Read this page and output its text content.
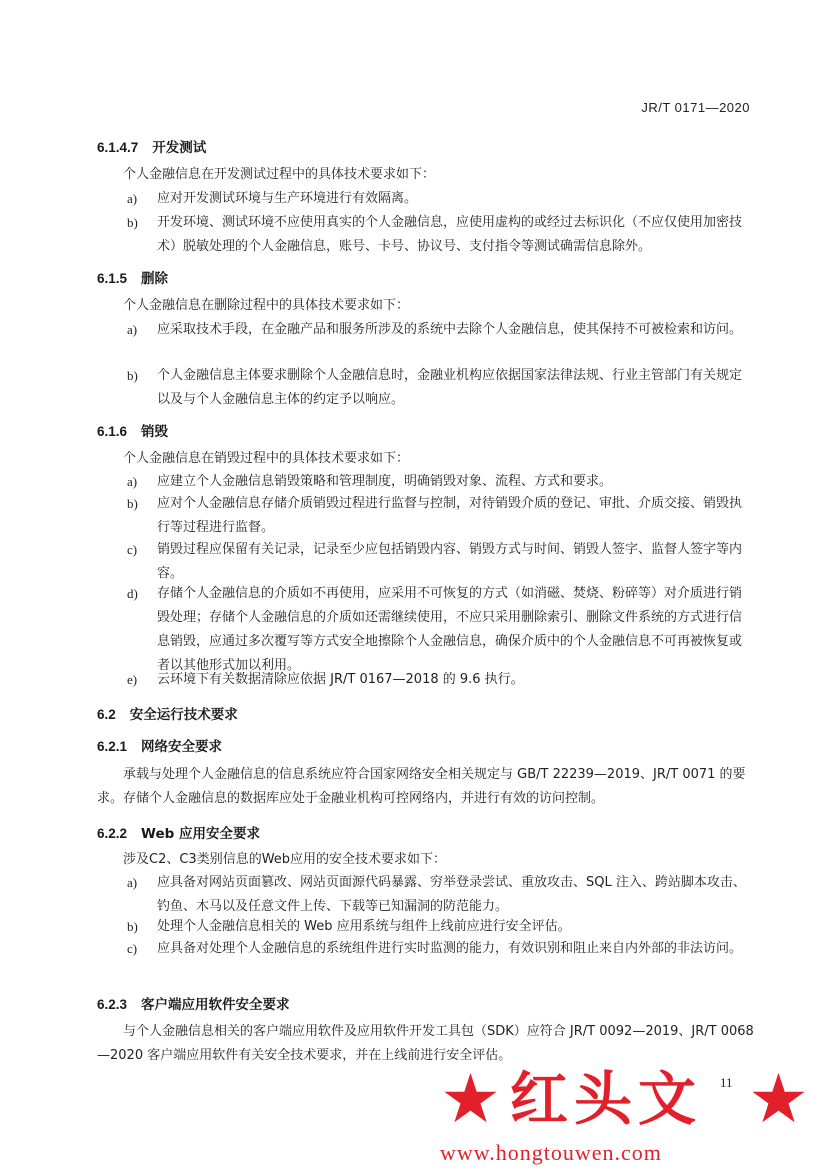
JR/T 0171—2020
6.1.4.7 开发测试
个人金融信息在开发测试过程中的具体技术要求如下：
a)	应对开发测试环境与生产环境进行有效隔离。
b)	开发环境、测试环境不应使用真实的个人金融信息，应使用虚构的或经过去标识化（不应仅使用加密技术）脱敏处理的个人金融信息，账号、卡号、协议号、支付指令等测试确需信息除外。
6.1.5 删除
个人金融信息在删除过程中的具体技术要求如下：
a)	应采取技术手段，在金融产品和服务所涉及的系统中去除个人金融信息，使其保持不可被检索和访问。
b)	个人金融信息主体要求删除个人金融信息时，金融业机构应依据国家法律法规、行业主管部门有关规定以及与个人金融信息主体的约定予以响应。
6.1.6 销毁
个人金融信息在销毁过程中的具体技术要求如下：
a)	应建立个人金融信息销毁策略和管理制度，明确销毁对象、流程、方式和要求。
b)	应对个人金融信息存储介质销毁过程进行监督与控制，对待销毁介质的登记、审批、介质交接、销毁执行等过程进行监督。
c)	销毁过程应保留有关记录，记录至少应包括销毁内容、销毁方式与时间、销毁人签字、监督人签字等内容。
d)	存储个人金融信息的介质如不再使用，应采用不可恢复的方式（如消磁、焚烧、粉碎等）对介质进行销毁处理；存储个人金融信息的介质如还需继续使用，不应只采用删除索引、删除文件系统的方式进行信息销毁，应通过多次覆写等方式安全地擦除个人金融信息，确保介质中的个人金融信息不可再被恢复或者以其他形式加以利用。
e)	云环境下有关数据清除应依据 JR/T 0167—2018 的 9.6 执行。
6.2 安全运行技术要求
6.2.1 网络安全要求
承载与处理个人金融信息的信息系统应符合国家网络安全相关规定与 GB/T 22239—2019、JR/T 0071 的要求。存储个人金融信息的数据库应处于金融业机构可控网络内，并进行有效的访问控制。
6.2.2 Web 应用安全要求
涉及C2、C3类别信息的Web应用的安全技术要求如下：
a)	应具备对网站页面篡改、网站页面源代码暴露、穷举登录尝试、重放攻击、SQL 注入、跨站脚本攻击、钓鱼、木马以及任意文件上传、下载等已知漏洞的防范能力。
b)	处理个人金融信息相关的 Web 应用系统与组件上线前应进行安全评估。
c)	应具备对处理个人金融信息的系统组件进行实时监测的能力，有效识别和阻止来自内外部的非法访问。
6.2.3 客户端应用软件安全要求
与个人金融信息相关的客户端应用软件及应用软件开发工具包（SDK）应符合 JR/T 0092—2019、JR/T 0068—2020 客户端应用软件有关安全技术要求，并在上线前进行安全评估。
11
★ 红头文 ★
www.hongtouwen.com
